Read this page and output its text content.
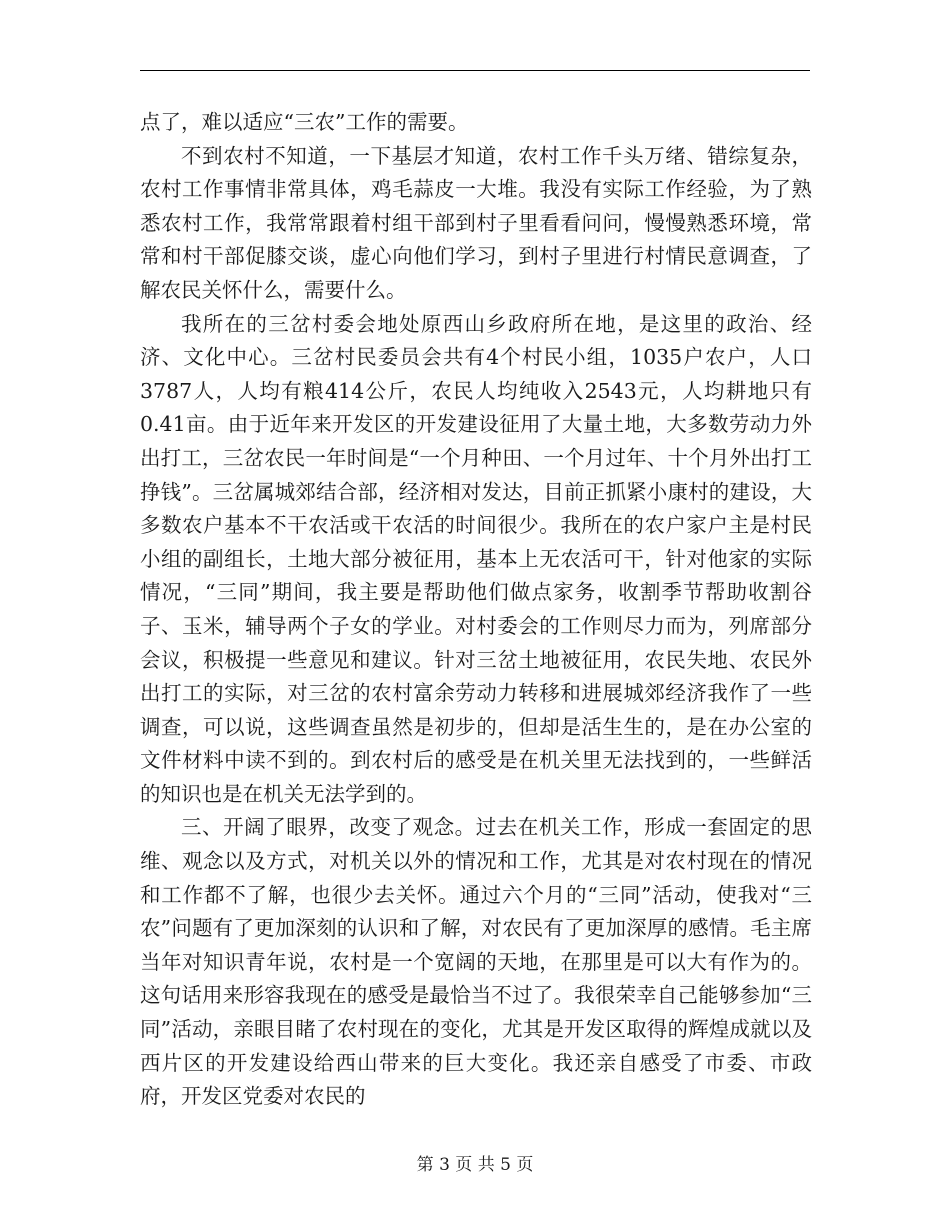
点了，难以适应“三农”工作的需要。

不到农村不知道，一下基层才知道，农村工作千头万绪、错综复杂，农村工作事情非常具体，鸡毛蒜皮一大堆。我没有实际工作经验，为了熟悉农村工作，我常常跟着村组干部到村子里看看问问，慢慢熟悉环境，常常和村干部促膝交谈，虚心向他们学习，到村子里进行村情民意调查，了解农民关怀什么，需要什么。

我所在的三岔村委会地处原西山乡政府所在地，是这里的政治、经济、文化中心。三岔村民委员会共有4个村民小组，1035户农户，人口3787人，人均有粮414公斤，农民人均纯收入2543元，人均耕地只有0.41亩。由于近年来开发区的开发建设征用了大量土地，大多数劳动力外出打工，三岔农民一年时间是“一个月种田、一个月过年、十个月外出打工挣钱”。三岔属城郊结合部，经济相对发达，目前正抓紧小康村的建设，大多数农户基本不干农活或干农活的时间很少。我所在的农户家户主是村民小组的副组长，土地大部分被征用，基本上无农活可干，针对他家的实际情况，“三同”期间，我主要是帮助他们做点家务，收割季节帮助收割谷子、玉米，辅导两个子女的学业。对村委会的工作则尽力而为，列席部分会议，积极提一些意见和建议。针对三岔土地被征用，农民失地、农民外出打工的实际，对三岔的农村富余劳动力转移和进展城郊经济我作了一些调查，可以说，这些调查虽然是初步的，但却是活生生的，是在办公室的文件材料中读不到的。到农村后的感受是在机关里无法找到的，一些鲜活的知识也是在机关无法学到的。

三、开阔了眼界，改变了观念。过去在机关工作，形成一套固定的思维、观念以及方式，对机关以外的情况和工作，尤其是对农村现在的情况和工作都不了解，也很少去关怀。通过六个月的“三同”活动，使我对“三农”问题有了更加深刻的认识和了解，对农民有了更加深厚的感情。毛主席当年对知识青年说，农村是一个宽阔的天地，在那里是可以大有作为的。这句话用来形容我现在的感受是最恰当不过了。我很荣幸自己能够参加“三同”活动，亲眼目睹了农村现在的变化，尤其是开发区取得的辉煌成就以及西片区的开发建设给西山带来的巨大变化。我还亲自感受了市委、市政府，开发区党委对农民的

第 3 页 共 5 页
